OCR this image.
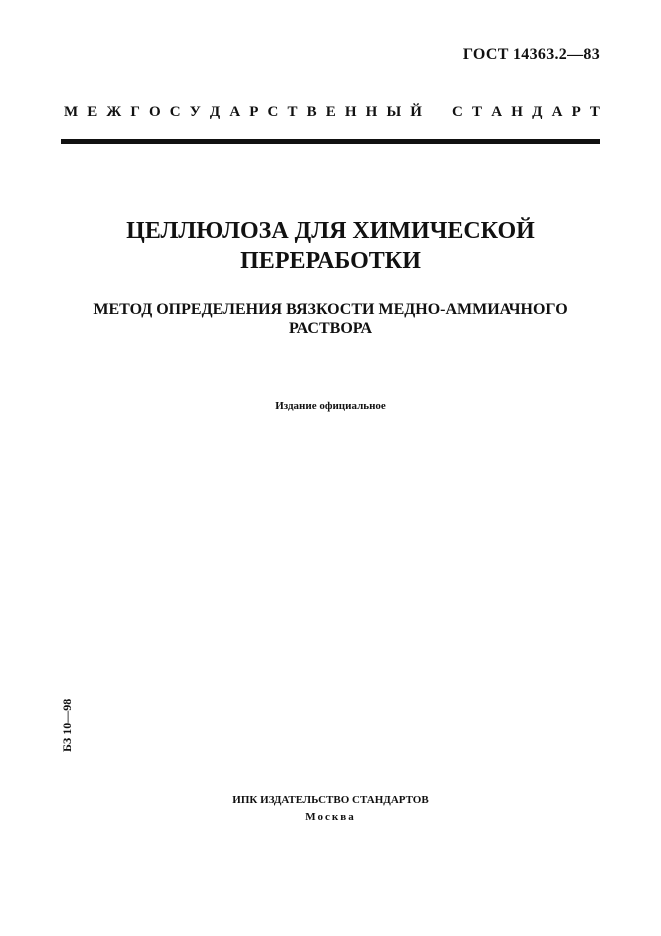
ГОСТ 14363.2—83
М Е Ж Г О С У Д А Р С Т В Е Н Н Ы Й С Т А Н Д А Р Т
ЦЕЛЛЮЛОЗА ДЛЯ ХИМИЧЕСКОЙ
ПЕРЕРАБОТКИ
МЕТОД ОПРЕДЕЛЕНИЯ ВЯЗКОСТИ МЕДНО-АММИАЧНОГО
РАСТВОРА
Издание официальное
БЗ 10—98
ИПК ИЗДАТЕЛЬСТВО СТАНДАРТОВ
Москва
